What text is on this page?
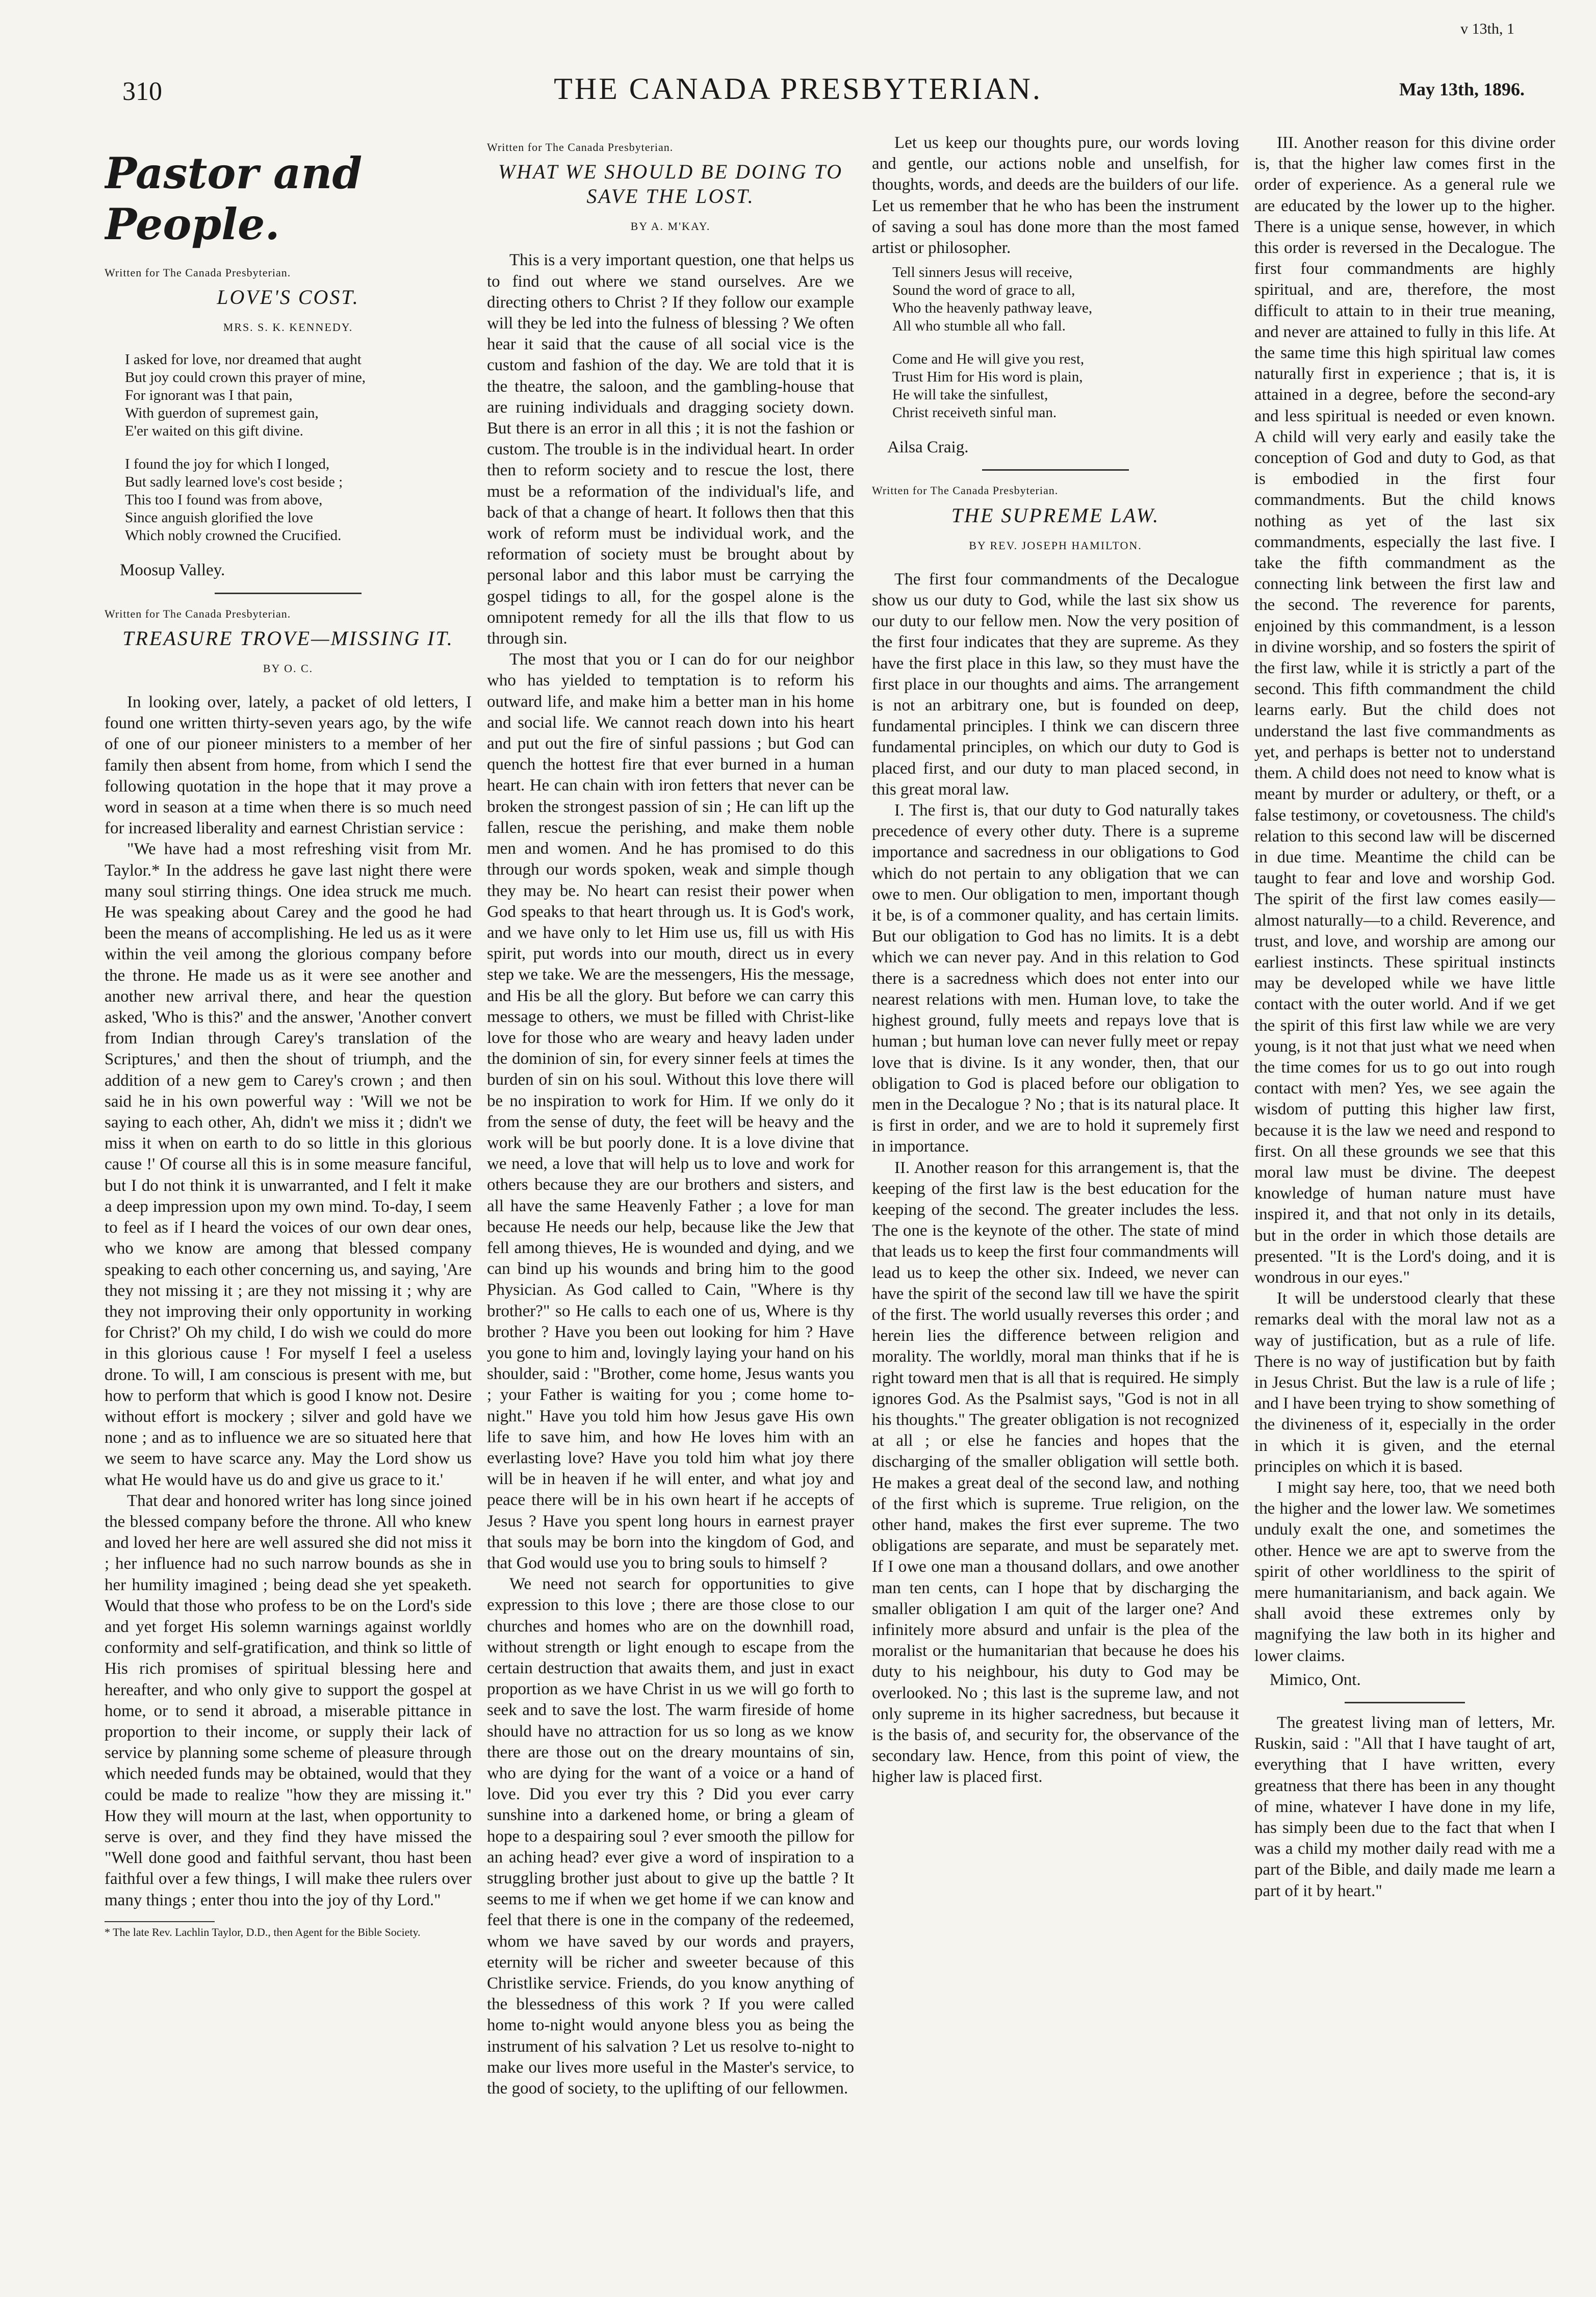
310	THE CANADA PRESBYTERIAN.	May 13th, 1896.
v 13th, 1
Pastor and People.
Written for The Canada Presbyterian.
LOVE'S COST.
MRS. S. K. KENNEDY.
I asked for love, nor dreamed that aught
But joy could crown this prayer of mine,
For ignorant was I that pain,
With guerdon of supremest gain,
E'er waited on this gift divine.
I found the joy for which I longed,
But sadly learned love's cost beside ;
This too I found was from above,
Since anguish glorified the love
Which nobly crowned the Crucified.
Moosup Valley.
Written for The Canada Presbyterian.
TREASURE TROVE—MISSING IT.
BY O. C.

In looking over, lately, a packet of old letters, I found one written thirty-seven years ago, by the wife of one of our pioneer ministers to a member of her family then absent from home, from which I send the following quotation in the hope that it may prove a word in season at a time when there is so much need for increased liberality and earnest Christian service :

"We have had a most refreshing visit from Mr. Taylor.* In the address he gave last night there were many soul stirring things. One idea struck me much. He was speaking about Carey and the good he had been the means of accomplishing. He led us as it were within the veil among the glorious company before the throne. He made us as it were see another and another new arrival there, and hear the question asked, 'Who is this?' and the answer, 'Another convert from Indian through Carey's translation of the Scriptures,' and then the shout of triumph, and the addition of a new gem to Carey's crown ; and then said he in his own powerful way : 'Will we not be saying to each other, Ah, didn't we miss it ; didn't we miss it when on earth to do so little in this glorious cause !' Of course all this is in some measure fanciful, but I do not think it is unwarranted, and I felt it make a deep impression upon my own mind. To-day, I seem to feel as if I heard the voices of our own dear ones, who we know are among that blessed company speaking to each other concerning us, and saying, 'Are they not missing it ; are they not missing it ; why are they not improving their only opportunity in working for Christ?' Oh my child, I do wish we could do more in this glorious cause ! For myself I feel a useless drone. To will, I am conscious is present with me, but how to perform that which is good I know not. Desire without effort is mockery ; silver and gold have we none ; and as to influence we are so situated here that we seem to have scarce any. May the Lord show us what He would have us do and give us grace to it.'

That dear and honored writer has long since joined the blessed company before the throne. All who knew and loved her here are well assured she did not miss it ; her influence had no such narrow bounds as she in her humility imagined ; being dead she yet speaketh. Would that those who profess to be on the Lord's side and yet forget His solemn warnings against worldly conformity and self-gratification, and think so little of His rich promises of spiritual blessing here and hereafter, and who only give to support the gospel at home, or to send it abroad, a miserable pittance in proportion to their income, or supply their lack of service by planning some scheme of pleasure through which needed funds may be obtained, would that they could be made to realize "how they are missing it." How they will mourn at the last, when opportunity to serve is over, and they find they have missed the "Well done good and faithful servant, thou hast been faithful over a few things, I will make thee rulers over many things ; enter thou into the joy of thy Lord."

* The late Rev. Lachlin Taylor, D.D., then Agent for the Bible Society.
Written for The Canada Presbyterian.
WHAT WE SHOULD BE DOING TO SAVE THE LOST.
BY A. M'KAY.

This is a very important question, one that helps us to find out where we stand ourselves. Are we directing others to Christ ? If they follow our example will they be led into the fulness of blessing ? We often hear it said that the cause of all social vice is the custom and fashion of the day. We are told that it is the theatre, the saloon, and the gambling-house that are ruining individuals and dragging society down. But there is an error in all this ; it is not the fashion or custom. The trouble is in the individual heart. In order then to reform society and to rescue the lost, there must be a reformation of the individual's life, and back of that a change of heart. It follows then that this work of reform must be individual work, and the reformation of society must be brought about by personal labor and this labor must be carrying the gospel tidings to all, for the gospel alone is the omnipotent remedy for all the ills that flow to us through sin.

The most that you or I can do for our neighbor who has yielded to temptation is to reform his outward life, and make him a better man in his home and social life. We cannot reach down into his heart and put out the fire of sinful passions ; but God can quench the hottest fire that ever burned in a human heart. He can chain with iron fetters that never can be broken the strongest passion of sin ; He can lift up the fallen, rescue the perishing, and make them noble men and women. And he has promised to do this through our words spoken, weak and simple though they may be. No heart can resist their power when God speaks to that heart through us. It is God's work, and we have only to let Him use us, fill us with His spirit, put words into our mouth, direct us in every step we take. We are the messengers, His the message, and His be all the glory. But before we can carry this message to others, we must be filled with Christ-like love for those who are weary and heavy laden under the dominion of sin, for every sinner feels at times the burden of sin on his soul. Without this love there will be no inspiration to work for Him. If we only do it from the sense of duty, the feet will be heavy and the work will be but poorly done. It is a love divine that we need, a love that will help us to love and work for others because they are our brothers and sisters, and all have the same Heavenly Father ; a love for man because He needs our help, because like the Jew that fell among thieves, He is wounded and dying, and we can bind up his wounds and bring him to the good Physician. As God called to Cain, "Where is thy brother?" so He calls to each one of us, Where is thy brother ? Have you been out looking for him ? Have you gone to him and, lovingly laying your hand on his shoulder, said : "Brother, come home, Jesus wants you ; your Father is waiting for you ; come home to-night." Have you told him how Jesus gave His own life to save him, and how He loves him with an everlasting love? Have you told him what joy there will be in heaven if he will enter, and what joy and peace there will be in his own heart if he accepts of Jesus ? Have you spent long hours in earnest prayer that souls may be born into the kingdom of God, and that God would use you to bring souls to himself ?

We need not search for opportunities to give expression to this love ; there are those close to our churches and homes who are on the downhill road, without strength or light enough to escape from the certain destruction that awaits them, and just in exact proportion as we have Christ in us we will go forth to seek and to save the lost. The warm fireside of home should have no attraction for us so long as we know there are those out on the dreary mountains of sin, who are dying for the want of a voice or a hand of love. Did you ever try this ? Did you ever carry sunshine into a darkened home, or bring a gleam of hope to a despairing soul ? ever smooth the pillow for an aching head? ever give a word of inspiration to a struggling brother just about to give up the battle ? It seems to me if when we get home if we can know and feel that there is one in the company of the redeemed, whom we have saved by our words and prayers, eternity will be richer and sweeter because of this Christlike service. Friends, do you know anything of the blessedness of this work ? If you were called home to-night would anyone bless you as being the instrument of his salvation ? Let us resolve to-night to make our lives more useful in the Master's service, to the good of society, to the uplifting of our fellowmen.

Let us keep our thoughts pure, our words loving and gentle, our actions noble and unselfish, for thoughts, words, and deeds are the builders of our life. Let us remember that he who has been the instrument of saving a soul has done more than the most famed artist or philosopher.

Tell sinners Jesus will receive,
Sound the word of grace to all,
Who the heavenly pathway leave,
All who stumble all who fall.
Come and He will give you rest,
Trust Him for His word is plain,
He will take the sinfullest,
Christ receiveth sinful man.
Ailsa Craig.
Written for The Canada Presbyterian.
THE SUPREME LAW.
BY REV. JOSEPH HAMILTON.

The first four commandments of the Decalogue show us our duty to God, while the last six show us our duty to our fellow men. Now the very position of the first four indicates that they are supreme. As they have the first place in this law, so they must have the first place in our thoughts and aims. The arrangement is not an arbitrary one, but is founded on deep, fundamental principles. I think we can discern three fundamental principles, on which our duty to God is placed first, and our duty to man placed second, in this great moral law.

I. The first is, that our duty to God naturally takes precedence of every other duty. There is a supreme importance and sacredness in our obligations to God which do not pertain to any obligation that we can owe to men. Our obligation to men, important though it be, is of a commoner quality, and has certain limits. But our obligation to God has no limits. It is a debt which we can never pay. And in this relation to God there is a sacredness which does not enter into our nearest relations with men. Human love, to take the highest ground, fully meets and repays love that is human ; but human love can never fully meet or repay love that is divine. Is it any wonder, then, that our obligation to God is placed before our obligation to men in the Decalogue ? No ; that is its natural place. It is first in order, and we are to hold it supremely first in importance.

II. Another reason for this arrangement is, that the keeping of the first law is the best education for the keeping of the second. The greater includes the less. The one is the keynote of the other. The state of mind that leads us to keep the first four commandments will lead us to keep the other six. Indeed, we never can have the spirit of the second law till we have the spirit of the first. The world usually reverses this order ; and herein lies the difference between religion and morality. The worldly, moral man thinks that if he is right toward men that is all that is required. He simply ignores God. As the Psalmist says, "God is not in all his thoughts." The greater obligation is not recognized at all ; or else he fancies and hopes that the discharging of the smaller obligation will settle both. He makes a great deal of the second law, and nothing of the first which is supreme. True religion, on the other hand, makes the first ever supreme. The two obligations are separate, and must be separately met. If I owe one man a thousand dollars, and owe another man ten cents, can I hope that by discharging the smaller obligation I am quit of the larger one? And infinitely more absurd and unfair is the plea of the moralist or the humanitarian that because he does his duty to his neighbour, his duty to God may be overlooked. No ; this last is the supreme law, and not only supreme in its higher sacredness, but because it is the basis of, and security for, the observance of the secondary law. Hence, from this point of view, the higher law is placed first.

III. Another reason for this divine order is, that the higher law comes first in the order of experience. As a general rule we are educated by the lower up to the higher. There is a unique sense, however, in which this order is reversed in the Decalogue. The first four commandments are highly spiritual, and are, therefore, the most difficult to attain to in their true meaning, and never are attained to fully in this life. At the same time this high spiritual law comes naturally first in experience ; that is, it is attained in a degree, before the second-ary and less spiritual is needed or even known. A child will very early and easily take the conception of God and duty to God, as that is embodied in the first four commandments. But the child knows nothing as yet of the last six commandments, especially the last five. I take the fifth commandment as the connecting link between the first law and the second. The reverence for parents, enjoined by this commandment, is a lesson in divine worship, and so fosters the spirit of the first law, while it is strictly a part of the second. This fifth commandment the child learns early. But the child does not understand the last five commandments as yet, and perhaps is better not to understand them. A child does not need to know what is meant by murder or adultery, or theft, or a false testimony, or covetousness. The child's relation to this second law will be discerned in due time. Meantime the child can be taught to fear and love and worship God. The spirit of the first law comes easily—almost naturally—to a child. Reverence, and trust, and love, and worship are among our earliest instincts. These spiritual instincts may be developed while we have little contact with the outer world. And if we get the spirit of this first law while we are very young, is it not that just what we need when the time comes for us to go out into rough contact with men? Yes, we see again the wisdom of putting this higher law first, because it is the law we need and respond to first. On all these grounds we see that this moral law must be divine. The deepest knowledge of human nature must have inspired it, and that not only in its details, but in the order in which those details are presented. "It is the Lord's doing, and it is wondrous in our eyes."

It will be understood clearly that these remarks deal with the moral law not as a way of justification, but as a rule of life. There is no way of justification but by faith in Jesus Christ. But the law is a rule of life ; and I have been trying to show something of the divineness of it, especially in the order in which it is given, and the eternal principles on which it is based.

I might say here, too, that we need both the higher and the lower law. We sometimes unduly exalt the one, and sometimes the other. Hence we are apt to swerve from the spirit of other worldliness to the spirit of mere humanitarianism, and back again. We shall avoid these extremes only by magnifying the law both in its higher and lower claims.

Mimico, Ont.

The greatest living man of letters, Mr. Ruskin, said : "All that I have taught of art, everything that I have written, every greatness that there has been in any thought of mine, whatever I have done in my life, has simply been due to the fact that when I was a child my mother daily read with me a part of the Bible, and daily made me learn a part of it by heart."
